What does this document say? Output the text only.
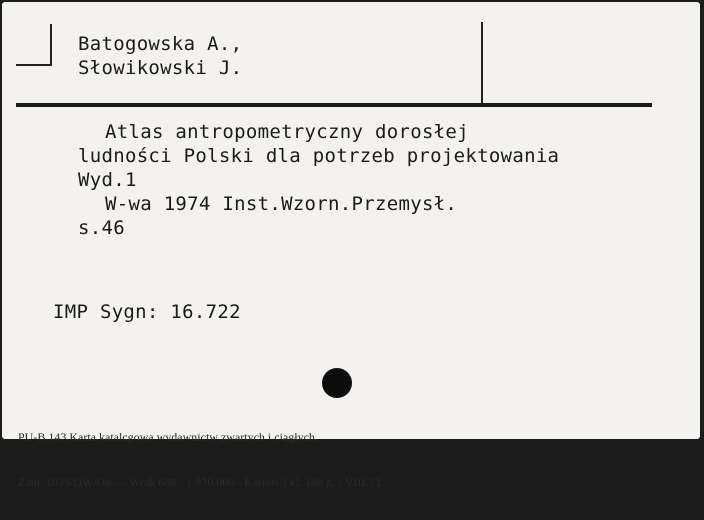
Batogowska A.,
Słowikowski J.
Atlas antropometryczny dorosłej
ludności Polski dla potrzeb projektowania
Wyd.1
W-wa 1974 Inst.Wzorn.Przemysł.
s.46
IMP Sygn: 16.722

PU-B 143 Karta katalcgowa wydawnictw zwartych i ciągłych.

Zam. 1039/DW/On — Wrak 688 - 1.970.000 - Karton 3 kl. 180 g, - VIII.73.
